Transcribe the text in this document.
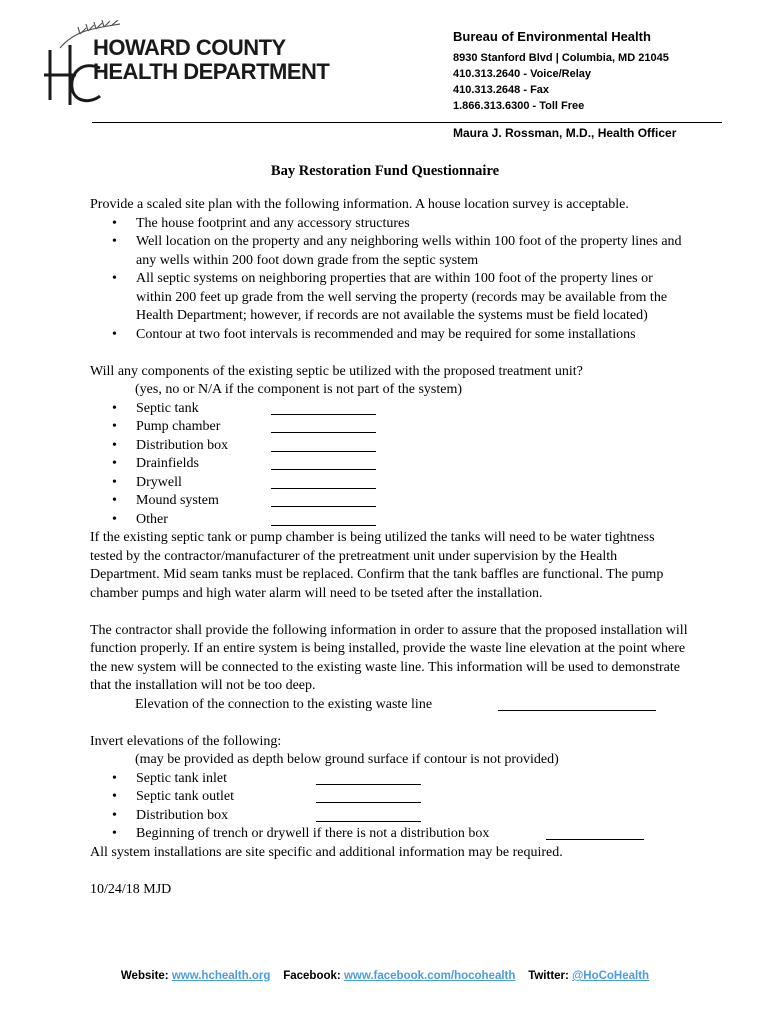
HOWARD COUNTY
HEALTH DEPARTMENT
Bureau of Environmental Health
8930 Stanford Blvd | Columbia, MD 21045
410.313.2640 - Voice/Relay
410.313.2648 - Fax
1.866.313.6300 - Toll Free
Maura J. Rossman, M.D., Health Officer
Bay Restoration Fund Questionnaire

Provide a scaled site plan with the following information. A house location survey is acceptable.

• The house footprint and any accessory structures
• Well location on the property and any neighboring wells within 100 foot of the property lines and any wells within 200 foot down grade from the septic system
• All septic systems on neighboring properties that are within 100 foot of the property lines or within 200 feet up grade from the well serving the property (records may be available from the Health Department; however, if records are not available the systems must be field located)
• Contour at two foot intervals is recommended and may be required for some installations

Will any components of the existing septic be utilized with the proposed treatment unit?

(yes, no or N/A if the component is not part of the system)

• Septic tank
• Pump chamber
• Distribution box
• Drainfields
• Drywell
• Mound system
• Other

If the existing septic tank or pump chamber is being utilized the tanks will need to be water tightness tested by the contractor/manufacturer of the pretreatment unit under supervision by the Health Department. Mid seam tanks must be replaced. Confirm that the tank baffles are functional. The pump chamber pumps and high water alarm will need to be tseted after the installation.

The contractor shall provide the following information in order to assure that the proposed installation will function properly. If an entire system is being installed, provide the waste line elevation at the point where the new system will be connected to the existing waste line. This information will be used to demonstrate that the installation will not be too deep.

Elevation of the connection to the existing waste line

Invert elevations of the following:

(may be provided as depth below ground surface if contour is not provided)

• Septic tank inlet
• Septic tank outlet
• Distribution box
• Beginning of trench or drywell if there is not a distribution box

All system installations are site specific and additional information may be required.

10/24/18 MJD

Website: www.hchealth.org Facebook: www.facebook.com/hocohealth Twitter: @HoCoHealth
